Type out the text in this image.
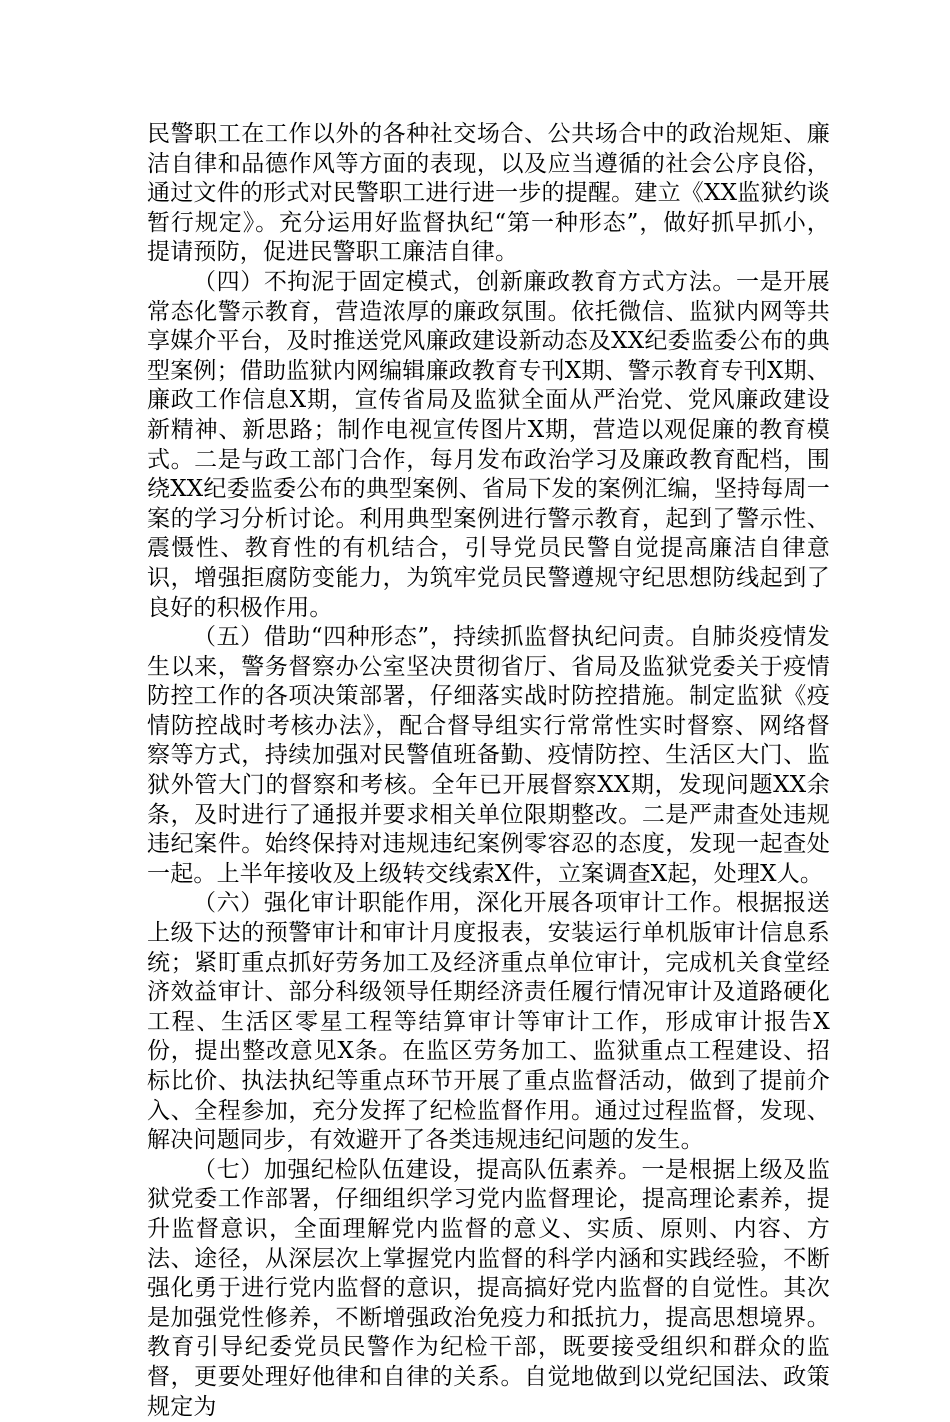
民警职工在工作以外的各种社交场合、公共场合中的政治规矩、廉洁自律和品德作风等方面的表现，以及应当遵循的社会公序良俗，通过文件的形式对民警职工进行进一步的提醒。建立《XX监狱约谈暂行规定》。充分运用好监督执纪“第一种形态”，做好抓早抓小，提请预防，促进民警职工廉洁自律。

（四）不拘泥于固定模式，创新廉政教育方式方法。一是开展常态化警示教育，营造浓厚的廉政氛围。依托微信、监狱内网等共享媒介平台，及时推送党风廉政建设新动态及XX纪委监委公布的典型案例；借助监狱内网编辑廉政教育专刊X期、警示教育专刊X期、廉政工作信息X期，宣传省局及监狱全面从严治党、党风廉政建设新精神、新思路；制作电视宣传图片X期，营造以观促廉的教育模式。二是与政工部门合作，每月发布政治学习及廉政教育配档，围绕XX纪委监委公布的典型案例、省局下发的案例汇编，坚持每周一案的学习分析讨论。利用典型案例进行警示教育，起到了警示性、震慑性、教育性的有机结合，引导党员民警自觉提高廉洁自律意识，增强拒腐防变能力，为筑牢党员民警遵规守纪思想防线起到了良好的积极作用。

（五）借助“四种形态”，持续抓监督执纪问责。自肺炎疫情发生以来，警务督察办公室坚决贯彻省厅、省局及监狱党委关于疫情防控工作的各项决策部署，仔细落实战时防控措施。制定监狱《疫情防控战时考核办法》，配合督导组实行常常性实时督察、网络督察等方式，持续加强对民警值班备勤、疫情防控、生活区大门、监狱外管大门的督察和考核。全年已开展督察XX期，发现问题XX余条，及时进行了通报并要求相关单位限期整改。二是严肃查处违规违纪案件。始终保持对违规违纪案例零容忍的态度，发现一起查处一起。上半年接收及上级转交线索X件，立案调查X起，处理X人。

（六）强化审计职能作用，深化开展各项审计工作。根据报送上级下达的预警审计和审计月度报表，安装运行单机版审计信息系统；紧盯重点抓好劳务加工及经济重点单位审计，完成机关食堂经济效益审计、部分科级领导任期经济责任履行情况审计及道路硬化工程、生活区零星工程等结算审计等审计工作，形成审计报告X份，提出整改意见X条。在监区劳务加工、监狱重点工程建设、招标比价、执法执纪等重点环节开展了重点监督活动，做到了提前介入、全程参加，充分发挥了纪检监督作用。通过过程监督，发现、解决问题同步，有效避开了各类违规违纪问题的发生。

（七）加强纪检队伍建设，提高队伍素养。一是根据上级及监狱党委工作部署，仔细组织学习党内监督理论，提高理论素养，提升监督意识，全面理解党内监督的意义、实质、原则、内容、方法、途径，从深层次上掌握党内监督的科学内涵和实践经验，不断强化勇于进行党内监督的意识，提高搞好党内监督的自觉性。其次是加强党性修养，不断增强政治免疫力和抵抗力，提高思想境界。教育引导纪委党员民警作为纪检干部，既要接受组织和群众的监督，更要处理好他律和自律的关系。自觉地做到以党纪国法、政策规定为
